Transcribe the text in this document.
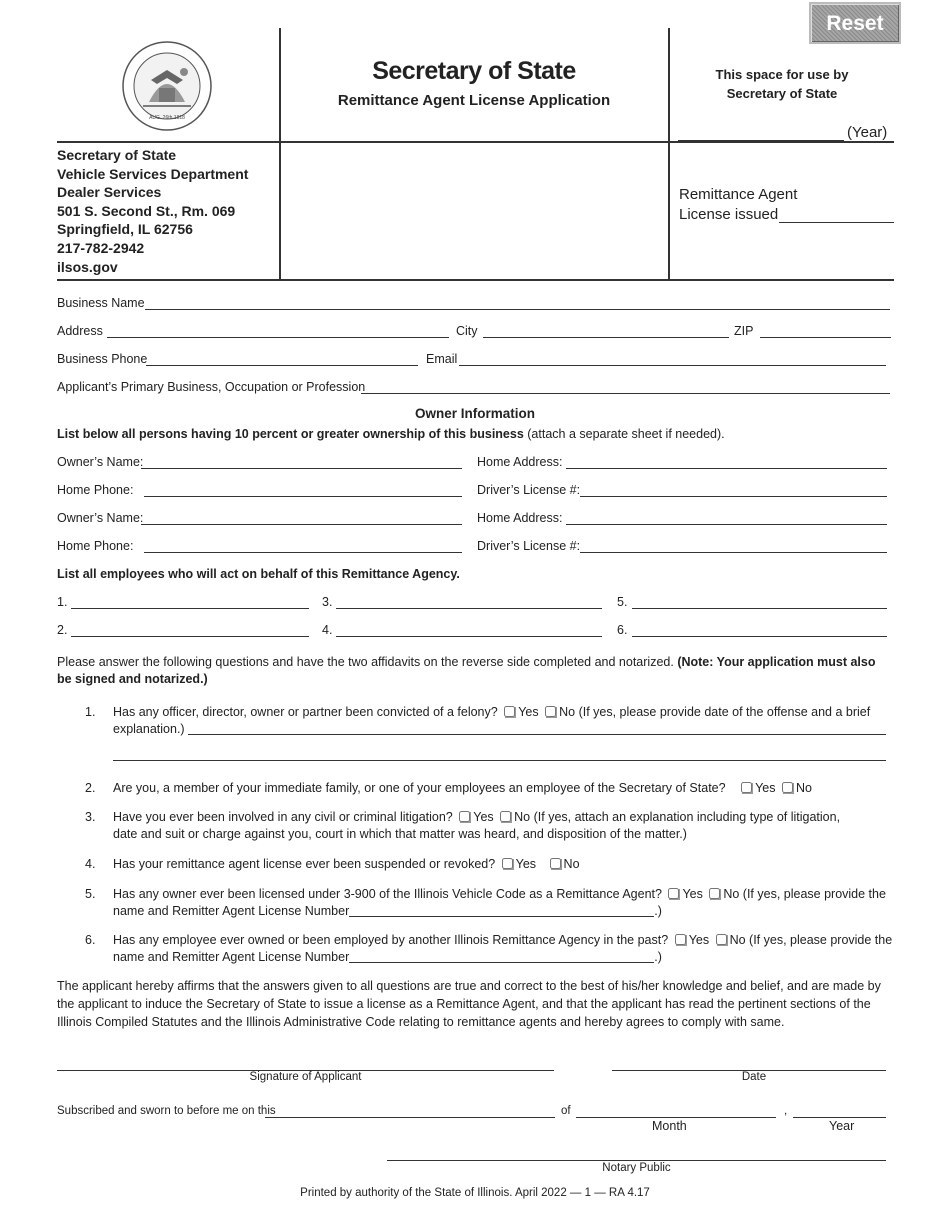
Reset
AUG. 26th 1818
Secretary of State
Remittance Agent License Application
This space for use by
Secretary of State
(Year)
Remittance Agent
License issued
Secretary of State
Vehicle Services Department
Dealer Services
501 S. Second St., Rm. 069
Springfield, IL 62756
217-782-2942
ilsos.gov
Business Name
Address	City	ZIP
Business Phone	Email
Applicant’s Primary Business, Occupation or Profession
Owner Information
List below all persons having 10 percent or greater ownership of this business (attach a separate sheet if needed).
Owner’s Name:	Home Address:
Home Phone:	Driver’s License #:
Owner’s Name:	Home Address:
Home Phone:	Driver’s License #:
List all employees who will act on behalf of this Remittance Agency.
1.	3.	5.
2.	4.	6.
Please answer the following questions and have the two affidavits on the reverse side completed and notarized. (Note: Your application must also be signed and notarized.)
1. Has any officer, director, owner or partner been convicted of a felony? Yes No (If yes, please provide date of the offense and a brief
explanation.)
2. Are you, a member of your immediate family, or one of your employees an employee of the Secretary of State? Yes No
3. Have you ever been involved in any civil or criminal litigation? Yes No (If yes, attach an explanation including type of litigation,
date and suit or charge against you, court in which that matter was heard, and disposition of the matter.)
4. Has your remittance agent license ever been suspended or revoked? Yes No
5. Has any owner ever been licensed under 3-900 of the Illinois Vehicle Code as a Remittance Agent? Yes No (If yes, please provide the
name and Remitter Agent License Number	.)
6. Has any employee ever owned or been employed by another Illinois Remittance Agency in the past? Yes No (If yes, please provide the
name and Remitter Agent License Number	.)
The applicant hereby affirms that the answers given to all questions are true and correct to the best of his/her knowledge and belief, and are made by the applicant to induce the Secretary of State to issue a license as a Remittance Agent, and that the applicant has read the pertinent sections of the Illinois Compiled Statutes and the Illinois Administrative Code relating to remittance agents and hereby agrees to comply with same.
Signature of Applicant	Date
Subscribed and sworn to before me on this	of	,
Month	Year
Notary Public
Printed by authority of the State of Illinois. April 2022 — 1 — RA 4.17
